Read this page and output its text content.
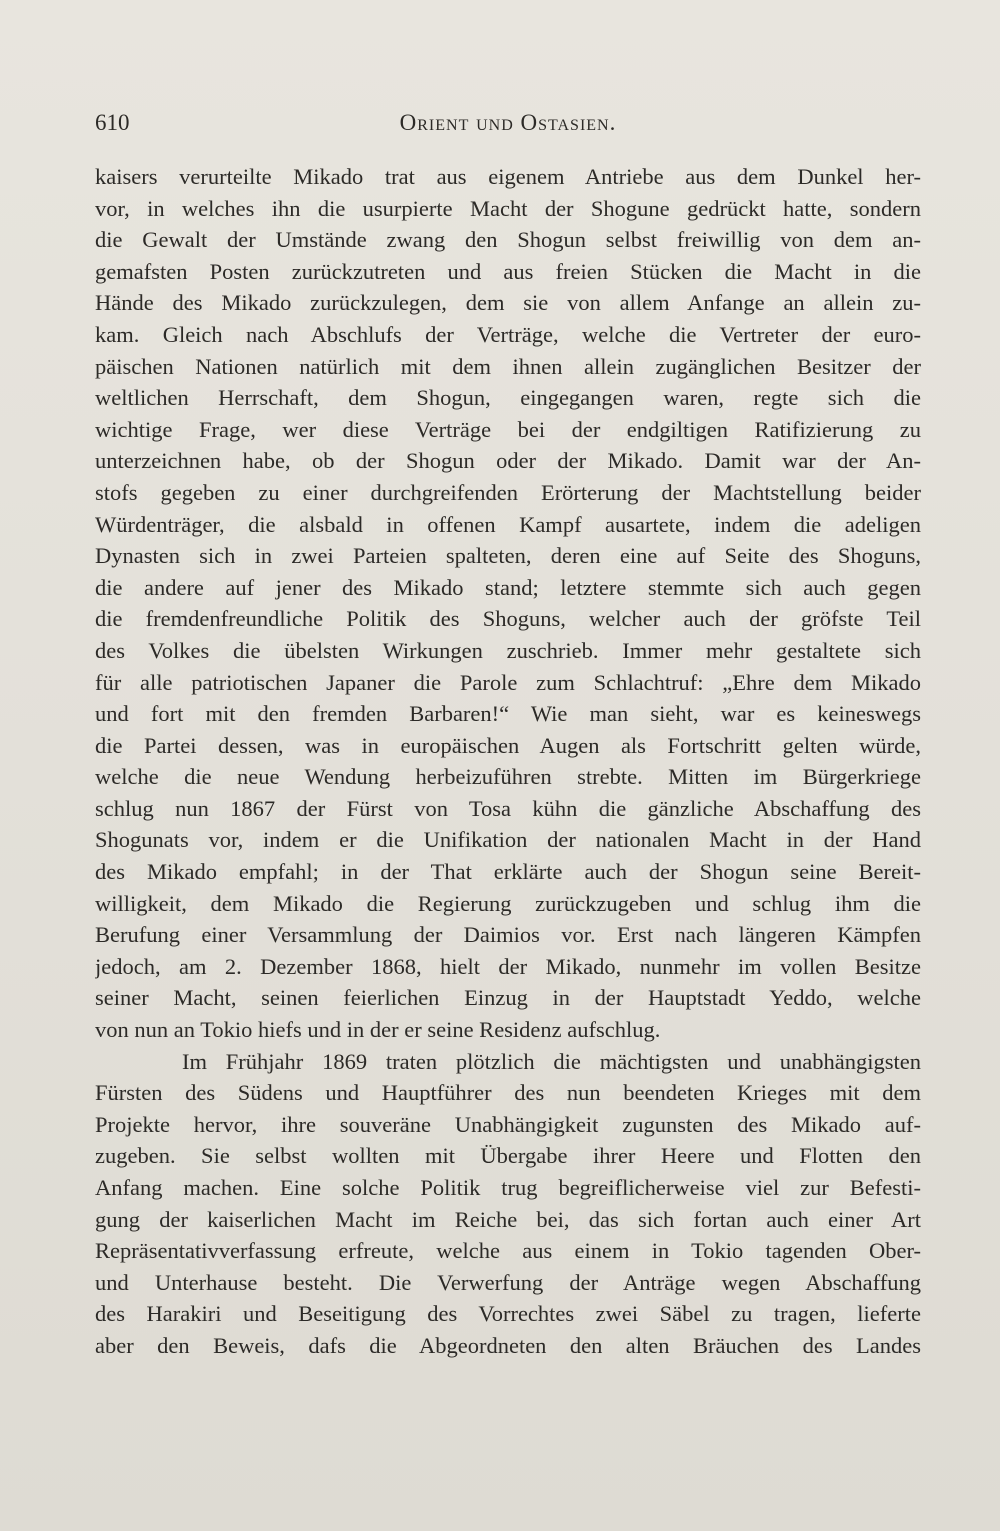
610	Orient und Ostasien.
kaisers verurteilte Mikado trat aus eigenem Antriebe aus dem Dunkel her-
vor, in welches ihn die usurpierte Macht der Shogune gedrückt hatte, sondern
die Gewalt der Umstände zwang den Shogun selbst freiwillig von dem an-
gemafsten Posten zurückzutreten und aus freien Stücken die Macht in die
Hände des Mikado zurückzulegen, dem sie von allem Anfange an allein zu-
kam. Gleich nach Abschlufs der Verträge, welche die Vertreter der euro-
päischen Nationen natürlich mit dem ihnen allein zugänglichen Besitzer der
weltlichen Herrschaft, dem Shogun, eingegangen waren, regte sich die
wichtige Frage, wer diese Verträge bei der endgiltigen Ratifizierung zu
unterzeichnen habe, ob der Shogun oder der Mikado. Damit war der An-
stofs gegeben zu einer durchgreifenden Erörterung der Machtstellung beider
Würdenträger, die alsbald in offenen Kampf ausartete, indem die adeligen
Dynasten sich in zwei Parteien spalteten, deren eine auf Seite des Shoguns,
die andere auf jener des Mikado stand; letztere stemmte sich auch gegen
die fremdenfreundliche Politik des Shoguns, welcher auch der gröfste Teil
des Volkes die übelsten Wirkungen zuschrieb. Immer mehr gestaltete sich
für alle patriotischen Japaner die Parole zum Schlachtruf: „Ehre dem Mikado
und fort mit den fremden Barbaren!“ Wie man sieht, war es keineswegs
die Partei dessen, was in europäischen Augen als Fortschritt gelten würde,
welche die neue Wendung herbeizuführen strebte. Mitten im Bürgerkriege
schlug nun 1867 der Fürst von Tosa kühn die gänzliche Abschaffung des
Shogunats vor, indem er die Unifikation der nationalen Macht in der Hand
des Mikado empfahl; in der That erklärte auch der Shogun seine Bereit-
willigkeit, dem Mikado die Regierung zurückzugeben und schlug ihm die
Berufung einer Versammlung der Daimios vor. Erst nach längeren Kämpfen
jedoch, am 2. Dezember 1868, hielt der Mikado, nunmehr im vollen Besitze
seiner Macht, seinen feierlichen Einzug in der Hauptstadt Yeddo, welche
von nun an Tokio hiefs und in der er seine Residenz aufschlug.
Im Frühjahr 1869 traten plötzlich die mächtigsten und unabhängigsten
Fürsten des Südens und Hauptführer des nun beendeten Krieges mit dem
Projekte hervor, ihre souveräne Unabhängigkeit zugunsten des Mikado auf-
zugeben. Sie selbst wollten mit Übergabe ihrer Heere und Flotten den
Anfang machen. Eine solche Politik trug begreiflicherweise viel zur Befesti-
gung der kaiserlichen Macht im Reiche bei, das sich fortan auch einer Art
Repräsentativverfassung erfreute, welche aus einem in Tokio tagenden Ober-
und Unterhause besteht. Die Verwerfung der Anträge wegen Abschaffung
des Harakiri und Beseitigung des Vorrechtes zwei Säbel zu tragen, lieferte
aber den Beweis, dafs die Abgeordneten den alten Bräuchen des Landes
